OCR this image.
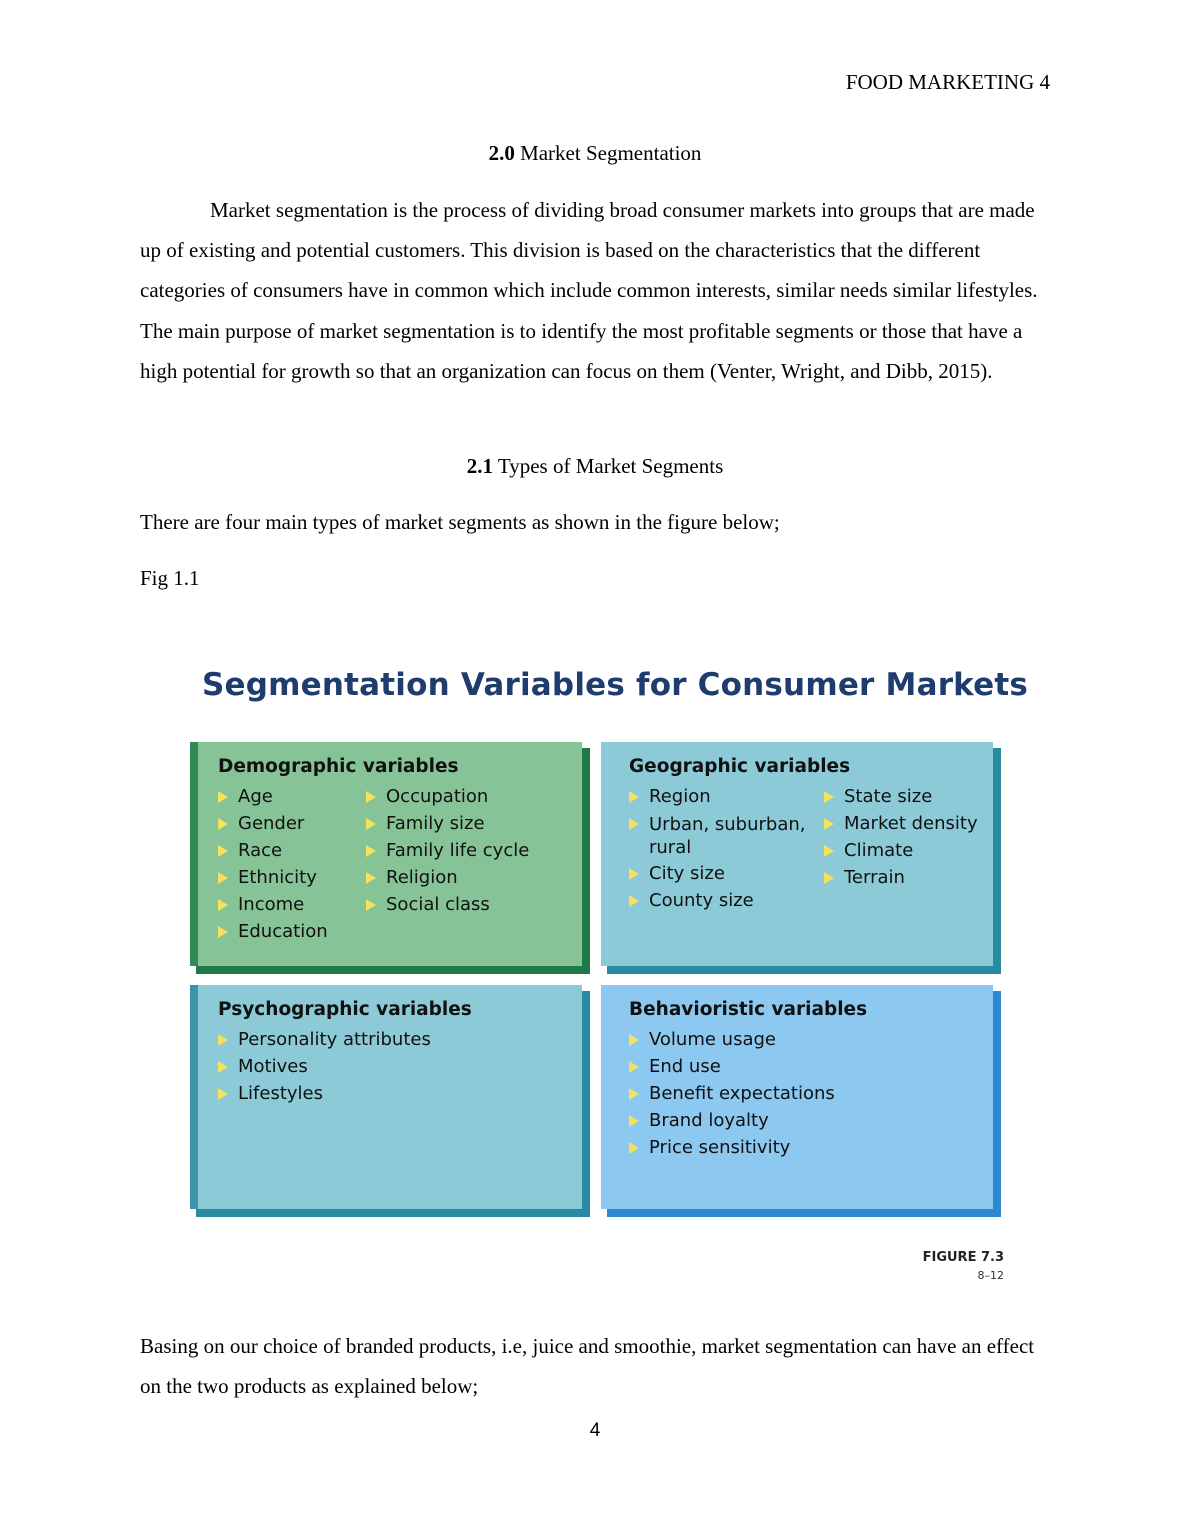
FOOD MARKETING 4
2.0 Market Segmentation

Market segmentation is the process of dividing broad consumer markets into groups that are made up of existing and potential customers. This division is based on the characteristics that the different categories of consumers have in common which include common interests, similar needs similar lifestyles. The main purpose of market segmentation is to identify the most profitable segments or those that have a high potential for growth so that an organization can focus on them (Venter, Wright, and Dibb, 2015).

2.1 Types of Market Segments
There are four main types of market segments as shown in the figure below;
Fig 1.1
Segmentation Variables for Consumer Markets
Demographic variables
Age
Gender
Race
Ethnicity
Income
Education
Occupation
Family size
Family life cycle
Religion
Social class
Geographic variables
Region
Urban, suburban, rural
City size
County size
State size
Market density
Climate
Terrain
Psychographic variables
Personality attributes
Motives
Lifestyles
Behavioristic variables
Volume usage
End use
Benefit expectations
Brand loyalty
Price sensitivity
FIGURE 7.3
8–12

Basing on our choice of branded products, i.e, juice and smoothie, market segmentation can have an effect on the two products as explained below;

4
